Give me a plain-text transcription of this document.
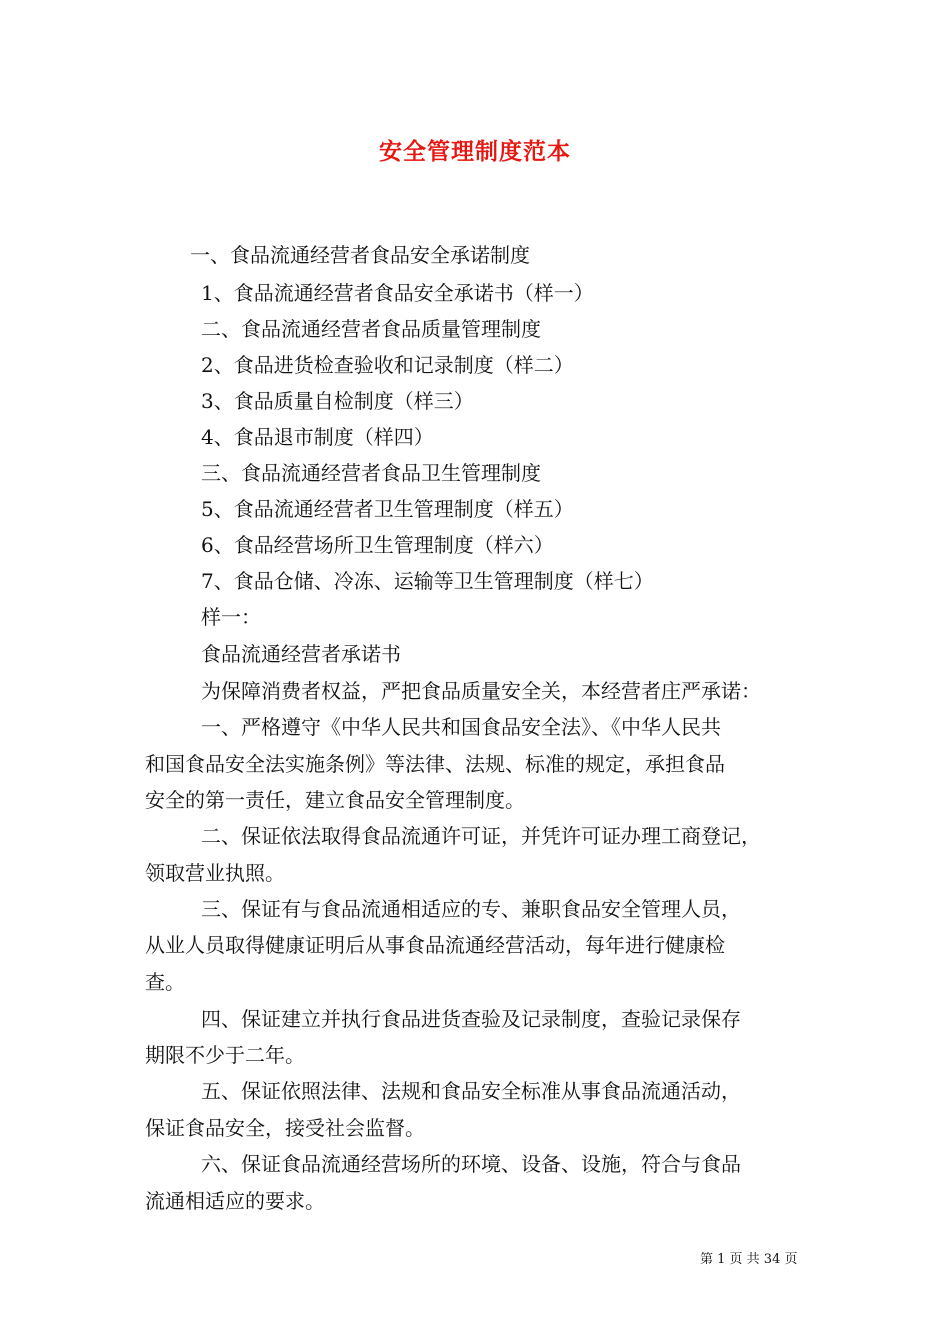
安全管理制度范本
一、食品流通经营者食品安全承诺制度
1、食品流通经营者食品安全承诺书（样一）
二、食品流通经营者食品质量管理制度
2、食品进货检查验收和记录制度（样二）
3、食品质量自检制度（样三）
4、食品退市制度（样四）
三、食品流通经营者食品卫生管理制度
5、食品流通经营者卫生管理制度（样五）
6、食品经营场所卫生管理制度（样六）
7、食品仓储、冷冻、运输等卫生管理制度（样七）
样一：
食品流通经营者承诺书
为保障消费者权益，严把食品质量安全关，本经营者庄严承诺：
一、严格遵守《中华人民共和国食品安全法》、《中华人民共
和国食品安全法实施条例》等法律、法规、标准的规定，承担食品
安全的第一责任，建立食品安全管理制度。
二、保证依法取得食品流通许可证，并凭许可证办理工商登记，
领取营业执照。
三、保证有与食品流通相适应的专、兼职食品安全管理人员，
从业人员取得健康证明后从事食品流通经营活动，每年进行健康检
查。
四、保证建立并执行食品进货查验及记录制度，查验记录保存
期限不少于二年。
五、保证依照法律、法规和食品安全标准从事食品流通活动，
保证食品安全，接受社会监督。
六、保证食品流通经营场所的环境、设备、设施，符合与食品
流通相适应的要求。
第 1 页 共 34 页
